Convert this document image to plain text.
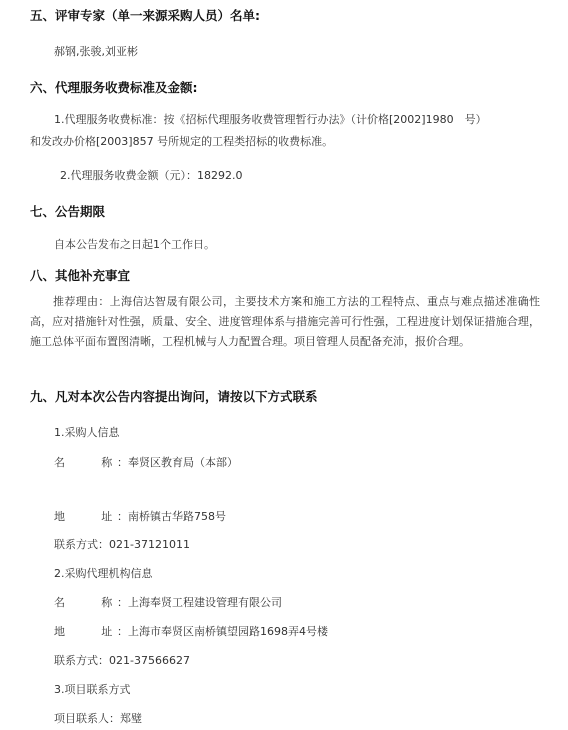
五、评审专家（单一来源采购人员）名单:
郝钢,张骏,刘亚彬
六、代理服务收费标准及金额:
1.代理服务收费标准：按《招标代理服务收费管理暂行办法》（计价格[2002]1980　号）
和发改办价格[2003]857 号所规定的工程类招标的收费标准。
2.代理服务收费金额（元）：18292.0
七、公告期限
自本公告发布之日起1个工作日。
八、其他补充事宜
推荐理由：上海信达智晟有限公司，主要技术方案和施工方法的工程特点、重点与难点描述准确性高，应对措施针对性强，质量、安全、进度管理体系与措施完善可行性强，工程进度计划保证措施合理，施工总体平面布置图清晰，工程机械与人力配置合理。项目管理人员配备充沛，报价合理。
九、凡对本次公告内容提出询问，请按以下方式联系
1.采购人信息
名　　称：奉贤区教育局（本部）
地　　址：南桥镇古华路758号
联系方式：021-37121011
2.采购代理机构信息
名　　称：上海奉贤工程建设管理有限公司
地　　址：上海市奉贤区南桥镇望园路1698弄4号楼
联系方式：021-37566627
3.项目联系方式
项目联系人：郑璧
